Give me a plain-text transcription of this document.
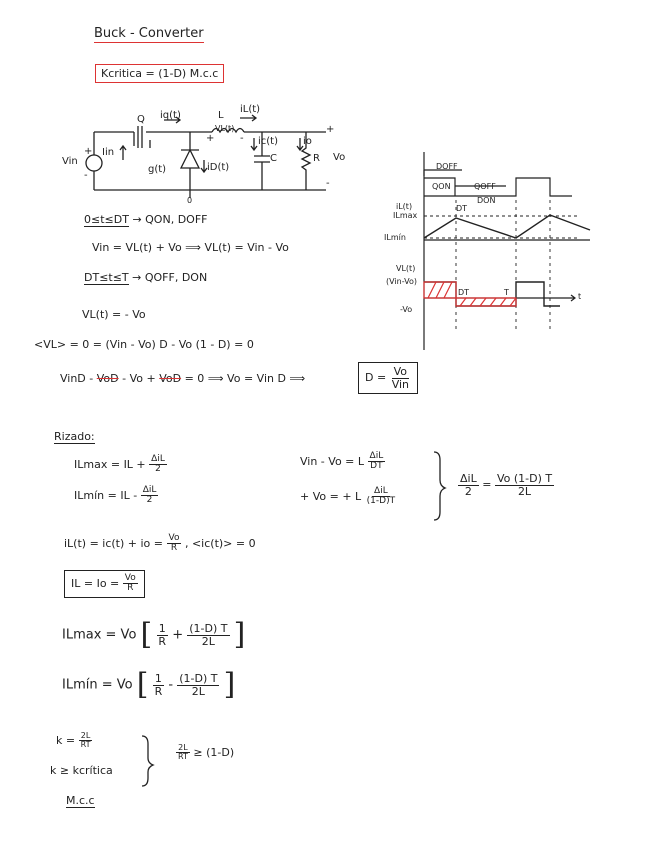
Buck - Converter
Kcritica = (1-D) M.c.c
Q iq(t)	L
iL(t)
+
VL(t)
-
Vin
+
-
Iin
g(t)	iD(t)
ic(t)
C
io
R Vo
+
-
0
0≤t≤DT → QON, DOFF
Vin = VL(t) + Vo ⟹ VL(t) = Vin - Vo
DT≤t≤T → QOFF, DON
VL(t) = - Vo
<VL> = 0 = (Vin - Vo) D - Vo (1 - D) = 0
VinD - VoD - Vo + VoD = 0 ⟹ Vo = Vin D ⟹	$D = \frac{Vo}{\text{Vin}}$
DOFF
QON	QOFF
DON
iL(t)
ILmax
ILmín
DT
VL(t)
(Vin-Vo)
-Vo
DT	T	t
Rizado:
ILmax = IL + $\frac{\text{ΔiL}}{2}$
ILmín = IL - $\frac{\text{ΔiL}}{2}$
Vin - Vo = L $\frac{\text{ΔiL}}{DT}$
+ Vo = + L $\frac{\text{ΔiL}}{(1-D)T}$	$\frac{\text{ΔiL}}{2} = \frac{Vo (1-D) T}{2L}$
iL(t) = ic(t) + io = $\frac{Vo}{R}$ , <ic(t)> = 0
IL = $Io = \frac{Vo}{R}$
ILmax = Vo [ $\frac{1}{R} + \frac{(1-D) T}{2L}$ ]
ILmín = Vo [ $\frac{1}{R} - \frac{(1-D) T}{2L}$ ]
$k = \frac{2L}{RT}$
k ≥ kcrítica
$\frac{2L}{RT} \ge (1-D)$
M.c.c
